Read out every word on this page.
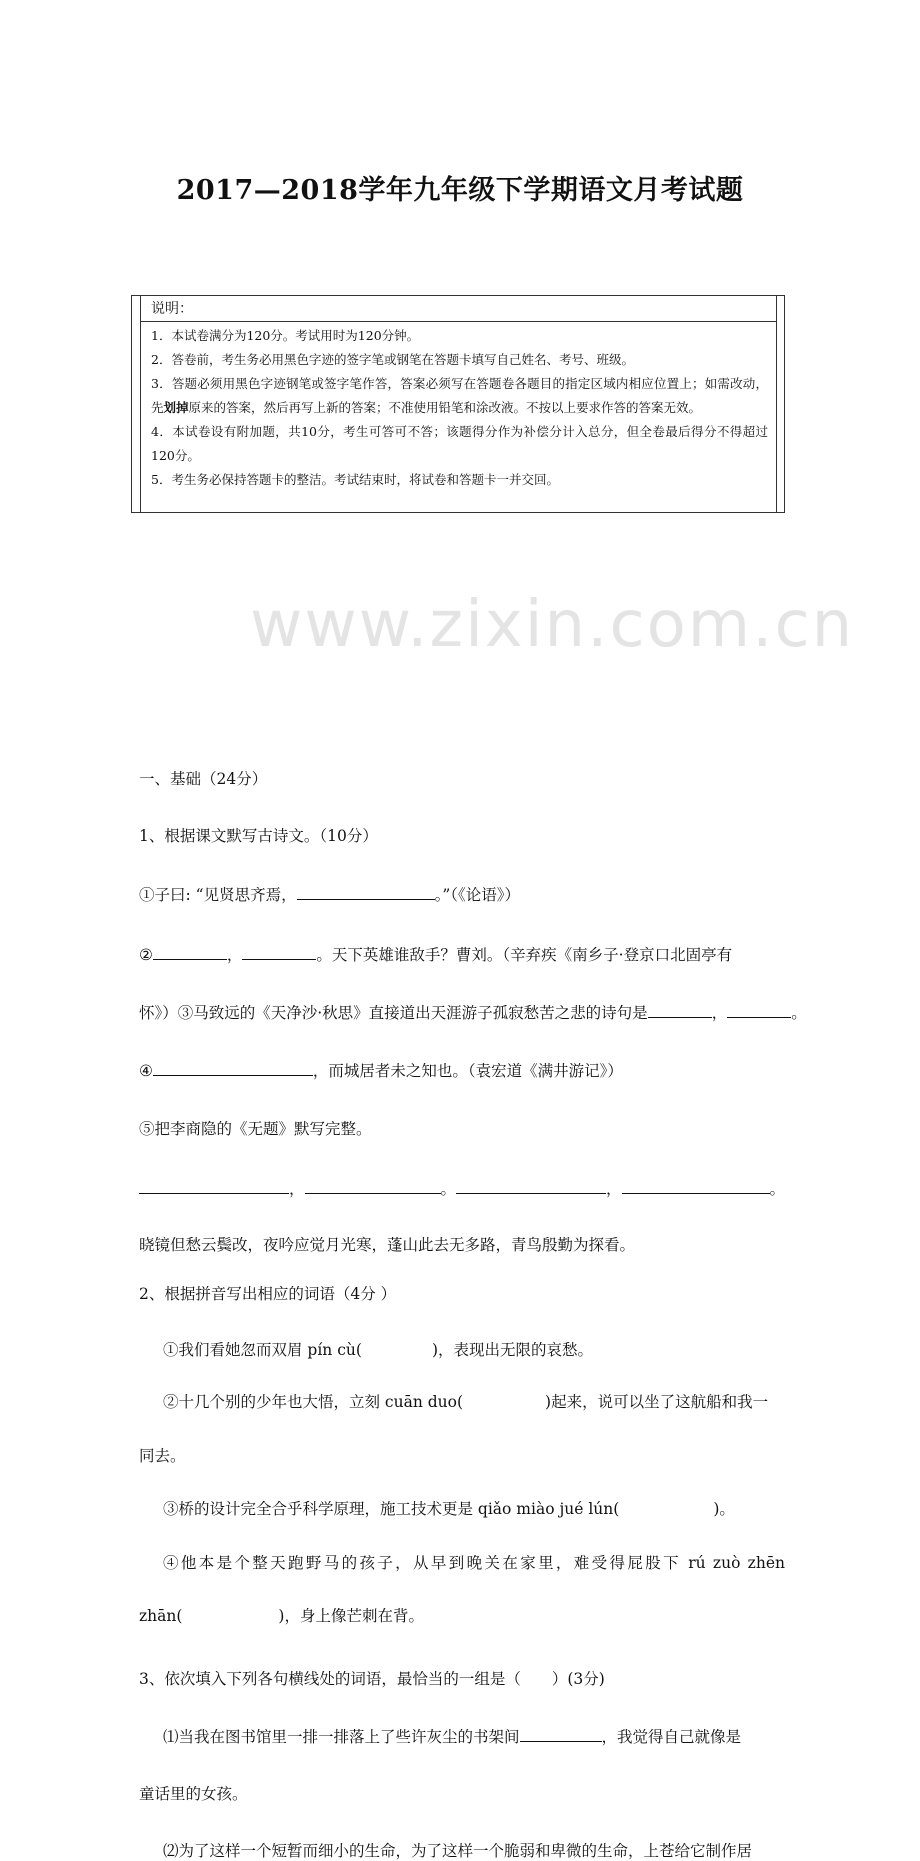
www.zixin.com.cn
2017—2018学年九年级下学期语文月考试题
说明：

1．本试卷满分为120分。考试用时为120分钟。

2．答卷前，考生务必用黑色字迹的签字笔或钢笔在答题卡填写自己姓名、考号、班级。

3．答题必须用黑色字迹钢笔或签字笔作答，答案必须写在答题卷各题目的指定区域内相应位置上；如需改动，先划掉原来的答案，然后再写上新的答案；不准使用铅笔和涂改液。不按以上要求作答的答案无效。

4．本试卷设有附加题，共10分，考生可答可不答；该题得分作为补偿分计入总分，但全卷最后得分不得超过120分。

5．考生务必保持答题卡的整洁。考试结束时，将试卷和答题卡一并交回。

一、基础（24分）
1、根据课文默写古诗文。（10分）
①子曰: “见贤思齐焉，	。”（《论语》）
②	，	。天下英雄谁敌手？曹刘。（辛弃疾《南乡子·登京口北固亭有
怀》）③马致远的《天净沙·秋思》直接道出天涯游子孤寂愁苦之悲的诗句是	，	。
④	，而城居者未之知也。（袁宏道《满井游记》）
⑤把李商隐的《无题》默写完整。
，	。	，	。
晓镜但愁云鬓改，夜吟应觉月光寒，蓬山此去无多路，青鸟殷勤为探看。
2、根据拼音写出相应的词语（4分 ）
①我们看她忽而双眉 pín cù(	)，表现出无限的哀愁。
②十几个别的少年也大悟，立刻 cuān duo(	)起来，说可以坐了这航船和我一
同去。
③桥的设计完全合乎科学原理，施工技术更是 qiǎo miào jué lún(	)。
④他本是个整天跑野马的孩子，从早到晚关在家里，难受得屁股下 rú zuò zhēn
zhān(	)，身上像芒刺在背。
3、依次填入下列各句横线处的词语，最恰当的一组是（　　）(3分)
⑴当我在图书馆里一排一排落上了些许灰尘的书架间	，我觉得自己就像是
童话里的女孩。
⑵为了这样一个短暂而细小的生命，为了这样一个脆弱和卑微的生命，上苍给它制作居
